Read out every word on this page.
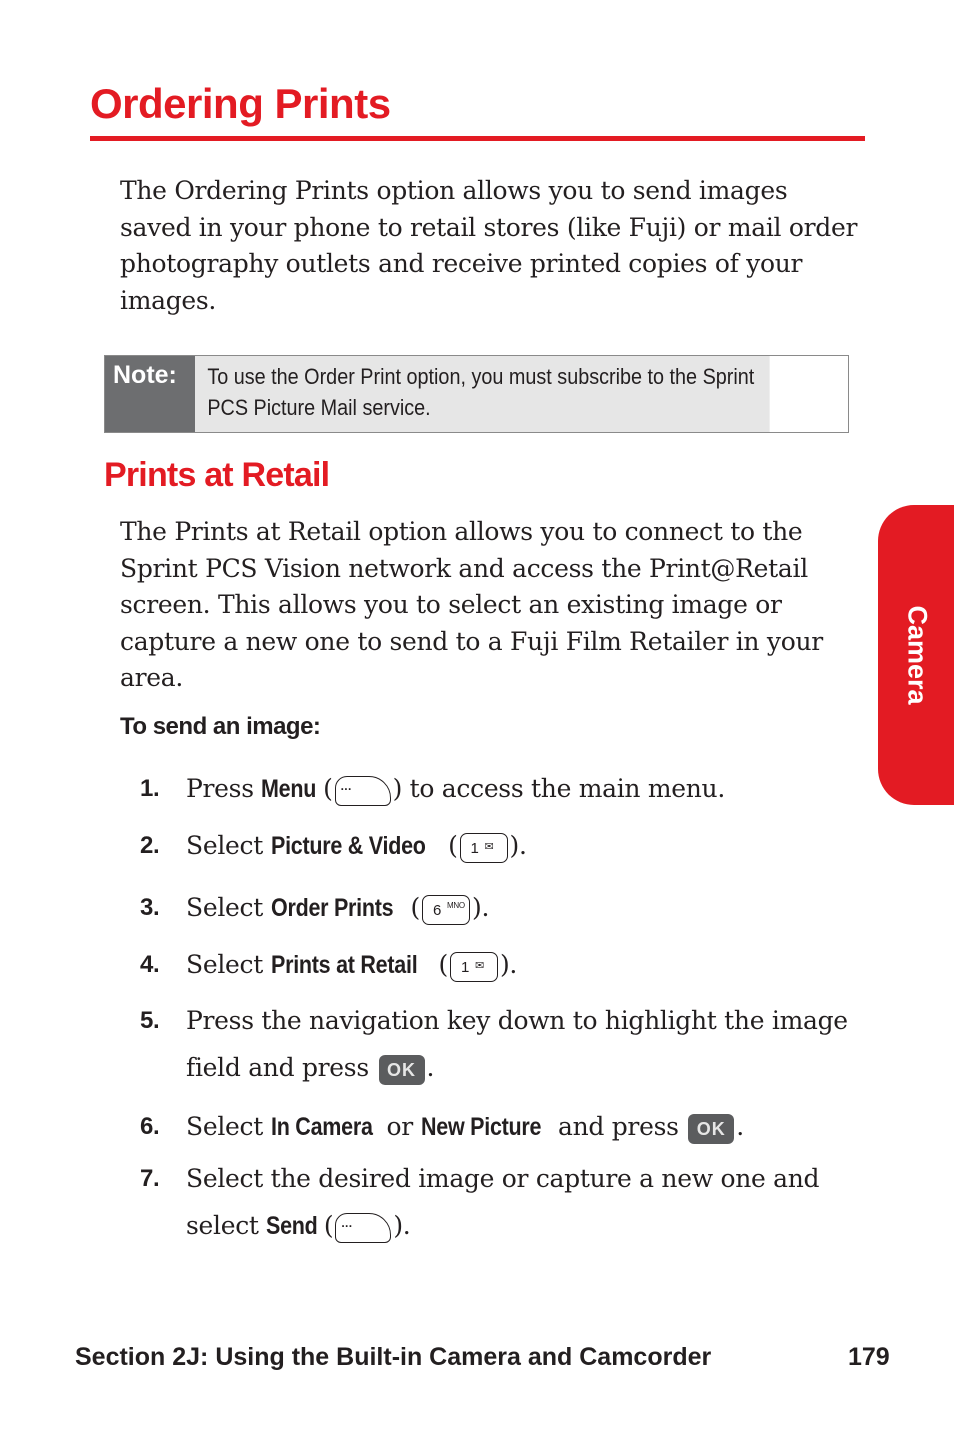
Ordering Prints

The Ordering Prints option allows you to send images saved in your phone to retail stores (like Fuji) or mail order photography outlets and receive printed copies of your images.

Note:	To use the Order Print option, you must subscribe to the Sprint PCS Picture Mail service.
Prints at Retail

The Prints at Retail option allows you to connect to the Sprint PCS Vision network and access the Print@Retail screen. This allows you to select an existing image or capture a new one to send to a Fuji Film Retailer in your area.

To send an image:
1.	Press Menu ( ··· ) to access the main menu.
2.	Select Picture & Video ( 1 ✉ ).
3.	Select Order Prints ( 6 MNO ).
4.	Select Prints at Retail ( 1 ✉ ).
5.	Press the navigation key down to highlight the image field and press OK .
6.	Select In Camera or New Picture and press OK .
7.	Select the desired image or capture a new one and select Send ( ··· ).
Camera
Section 2J: Using the Built-in Camera and Camcorder	179
